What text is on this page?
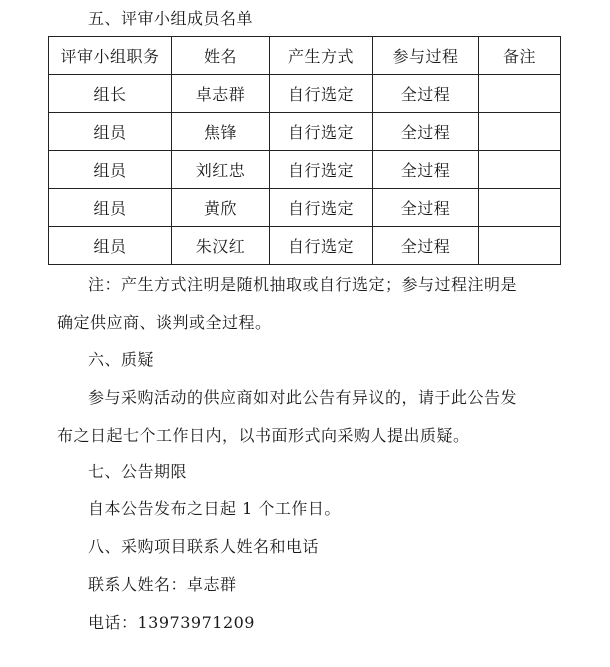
五、评审小组成员名单
评审小组职务	姓名	产生方式	参与过程	备注
组长	卓志群	自行选定	全过程	
组员	焦锋	自行选定	全过程	
组员	刘红忠	自行选定	全过程	
组员	黄欣	自行选定	全过程	
组员	朱汉红	自行选定	全过程	
注：产生方式注明是随机抽取或自行选定；参与过程注明是
确定供应商、谈判或全过程。
六、质疑
参与采购活动的供应商如对此公告有异议的，请于此公告发
布之日起七个工作日内，以书面形式向采购人提出质疑。
七、公告期限
自本公告发布之日起 1 个工作日。
八、采购项目联系人姓名和电话
联系人姓名：卓志群
电话：13973971209
